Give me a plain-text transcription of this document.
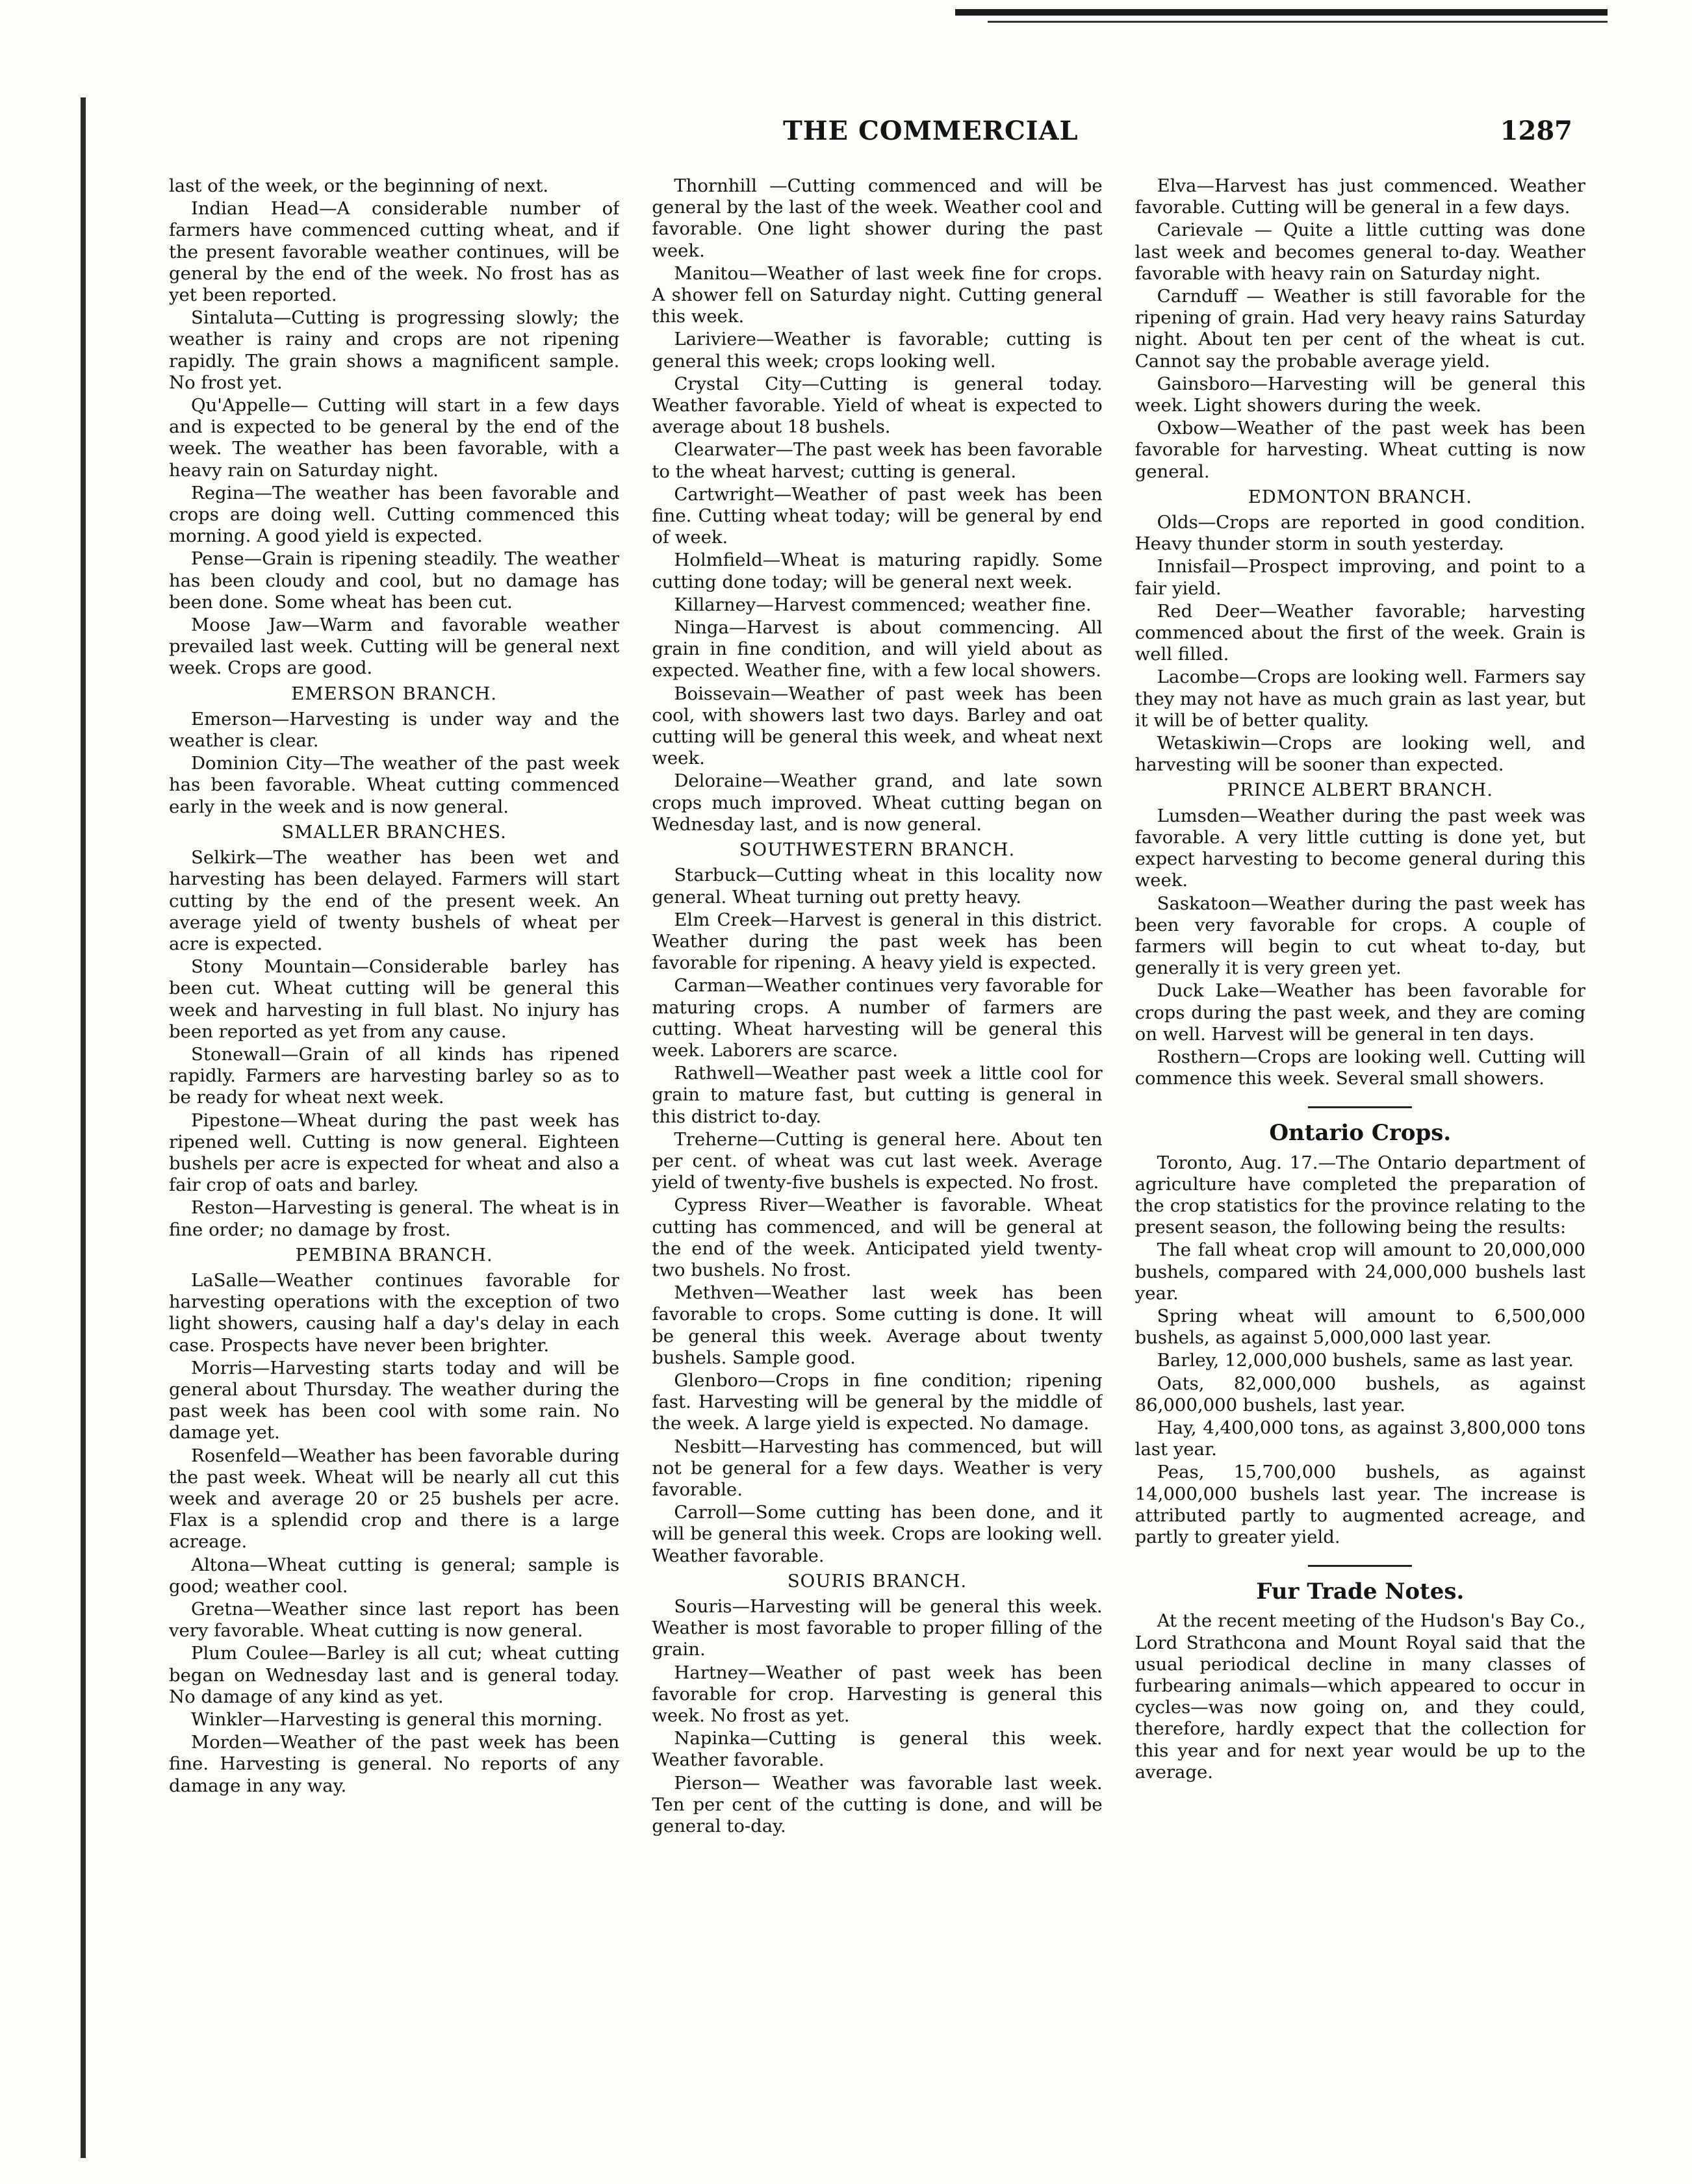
THE COMMERCIAL	1287

last of the week, or the beginning of next.

Indian Head—A considerable number of farmers have commenced cutting wheat, and if the present favorable weather continues, will be general by the end of the week. No frost has as yet been reported.

Sintaluta—Cutting is progressing slowly; the weather is rainy and crops are not ripening rapidly. The grain shows a magnificent sample. No frost yet.

Qu'Appelle— Cutting will start in a few days and is expected to be general by the end of the week. The weather has been favorable, with a heavy rain on Saturday night.

Regina—The weather has been favorable and crops are doing well. Cutting commenced this morning. A good yield is expected.

Pense—Grain is ripening steadily. The weather has been cloudy and cool, but no damage has been done. Some wheat has been cut.

Moose Jaw—Warm and favorable weather prevailed last week. Cutting will be general next week. Crops are good.

EMERSON BRANCH.

Emerson—Harvesting is under way and the weather is clear.

Dominion City—The weather of the past week has been favorable. Wheat cutting commenced early in the week and is now general.

SMALLER BRANCHES.

Selkirk—The weather has been wet and harvesting has been delayed. Farmers will start cutting by the end of the present week. An average yield of twenty bushels of wheat per acre is expected.

Stony Mountain—Considerable barley has been cut. Wheat cutting will be general this week and harvesting in full blast. No injury has been reported as yet from any cause.

Stonewall—Grain of all kinds has ripened rapidly. Farmers are harvesting barley so as to be ready for wheat next week.

Pipestone—Wheat during the past week has ripened well. Cutting is now general. Eighteen bushels per acre is expected for wheat and also a fair crop of oats and barley.

Reston—Harvesting is general. The wheat is in fine order; no damage by frost.

PEMBINA BRANCH.

LaSalle—Weather continues favorable for harvesting operations with the exception of two light showers, causing half a day's delay in each case. Prospects have never been brighter.

Morris—Harvesting starts today and will be general about Thursday. The weather during the past week has been cool with some rain. No damage yet.

Rosenfeld—Weather has been favorable during the past week. Wheat will be nearly all cut this week and average 20 or 25 bushels per acre. Flax is a splendid crop and there is a large acreage.

Altona—Wheat cutting is general; sample is good; weather cool.

Gretna—Weather since last report has been very favorable. Wheat cutting is now general.

Plum Coulee—Barley is all cut; wheat cutting began on Wednesday last and is general today. No damage of any kind as yet.

Winkler—Harvesting is general this morning.

Morden—Weather of the past week has been fine. Harvesting is general. No reports of any damage in any way.

Thornhill —Cutting commenced and will be general by the last of the week. Weather cool and favorable. One light shower during the past week.

Manitou—Weather of last week fine for crops. A shower fell on Saturday night. Cutting general this week.

Lariviere—Weather is favorable; cutting is general this week; crops looking well.

Crystal City—Cutting is general today. Weather favorable. Yield of wheat is expected to average about 18 bushels.

Clearwater—The past week has been favorable to the wheat harvest; cutting is general.

Cartwright—Weather of past week has been fine. Cutting wheat today; will be general by end of week.

Holmfield—Wheat is maturing rapidly. Some cutting done today; will be general next week.

Killarney—Harvest commenced; weather fine.

Ninga—Harvest is about commencing. All grain in fine condition, and will yield about as expected. Weather fine, with a few local showers.

Boissevain—Weather of past week has been cool, with showers last two days. Barley and oat cutting will be general this week, and wheat next week.

Deloraine—Weather grand, and late sown crops much improved. Wheat cutting began on Wednesday last, and is now general.

SOUTHWESTERN BRANCH.

Starbuck—Cutting wheat in this locality now general. Wheat turning out pretty heavy.

Elm Creek—Harvest is general in this district. Weather during the past week has been favorable for ripening. A heavy yield is expected.

Carman—Weather continues very favorable for maturing crops. A number of farmers are cutting. Wheat harvesting will be general this week. Laborers are scarce.

Rathwell—Weather past week a little cool for grain to mature fast, but cutting is general in this district to-day.

Treherne—Cutting is general here. About ten per cent. of wheat was cut last week. Average yield of twenty-five bushels is expected. No frost.

Cypress River—Weather is favorable. Wheat cutting has commenced, and will be general at the end of the week. Anticipated yield twenty-two bushels. No frost.

Methven—Weather last week has been favorable to crops. Some cutting is done. It will be general this week. Average about twenty bushels. Sample good.

Glenboro—Crops in fine condition; ripening fast. Harvesting will be general by the middle of the week. A large yield is expected. No damage.

Nesbitt—Harvesting has commenced, but will not be general for a few days. Weather is very favorable.

Carroll—Some cutting has been done, and it will be general this week. Crops are looking well. Weather favorable.

SOURIS BRANCH.

Souris—Harvesting will be general this week. Weather is most favorable to proper filling of the grain.

Hartney—Weather of past week has been favorable for crop. Harvesting is general this week. No frost as yet.

Napinka—Cutting is general this week. Weather favorable.

Pierson— Weather was favorable last week. Ten per cent of the cutting is done, and will be general to-day.

Elva—Harvest has just commenced. Weather favorable. Cutting will be general in a few days.

Carievale — Quite a little cutting was done last week and becomes general to-day. Weather favorable with heavy rain on Saturday night.

Carnduff — Weather is still favorable for the ripening of grain. Had very heavy rains Saturday night. About ten per cent of the wheat is cut. Cannot say the probable average yield.

Gainsboro—Harvesting will be general this week. Light showers during the week.

Oxbow—Weather of the past week has been favorable for harvesting. Wheat cutting is now general.

EDMONTON BRANCH.

Olds—Crops are reported in good condition. Heavy thunder storm in south yesterday.

Innisfail—Prospect improving, and point to a fair yield.

Red Deer—Weather favorable; harvesting commenced about the first of the week. Grain is well filled.

Lacombe—Crops are looking well. Farmers say they may not have as much grain as last year, but it will be of better quality.

Wetaskiwin—Crops are looking well, and harvesting will be sooner than expected.

PRINCE ALBERT BRANCH.

Lumsden—Weather during the past week was favorable. A very little cutting is done yet, but expect harvesting to become general during this week.

Saskatoon—Weather during the past week has been very favorable for crops. A couple of farmers will begin to cut wheat to-day, but generally it is very green yet.

Duck Lake—Weather has been favorable for crops during the past week, and they are coming on well. Harvest will be general in ten days.

Rosthern—Crops are looking well. Cutting will commence this week. Several small showers.

Ontario Crops.

Toronto, Aug. 17.—The Ontario department of agriculture have completed the preparation of the crop statistics for the province relating to the present season, the following being the results:

The fall wheat crop will amount to 20,000,000 bushels, compared with 24,000,000 bushels last year.

Spring wheat will amount to 6,500,000 bushels, as against 5,000,000 last year.

Barley, 12,000,000 bushels, same as last year.

Oats, 82,000,000 bushels, as against 86,000,000 bushels, last year.

Hay, 4,400,000 tons, as against 3,800,000 tons last year.

Peas, 15,700,000 bushels, as against 14,000,000 bushels last year. The increase is attributed partly to augmented acreage, and partly to greater yield.

Fur Trade Notes.

At the recent meeting of the Hudson's Bay Co., Lord Strathcona and Mount Royal said that the usual periodical decline in many classes of furbearing animals—which appeared to occur in cycles—was now going on, and they could, therefore, hardly expect that the collection for this year and for next year would be up to the average.
